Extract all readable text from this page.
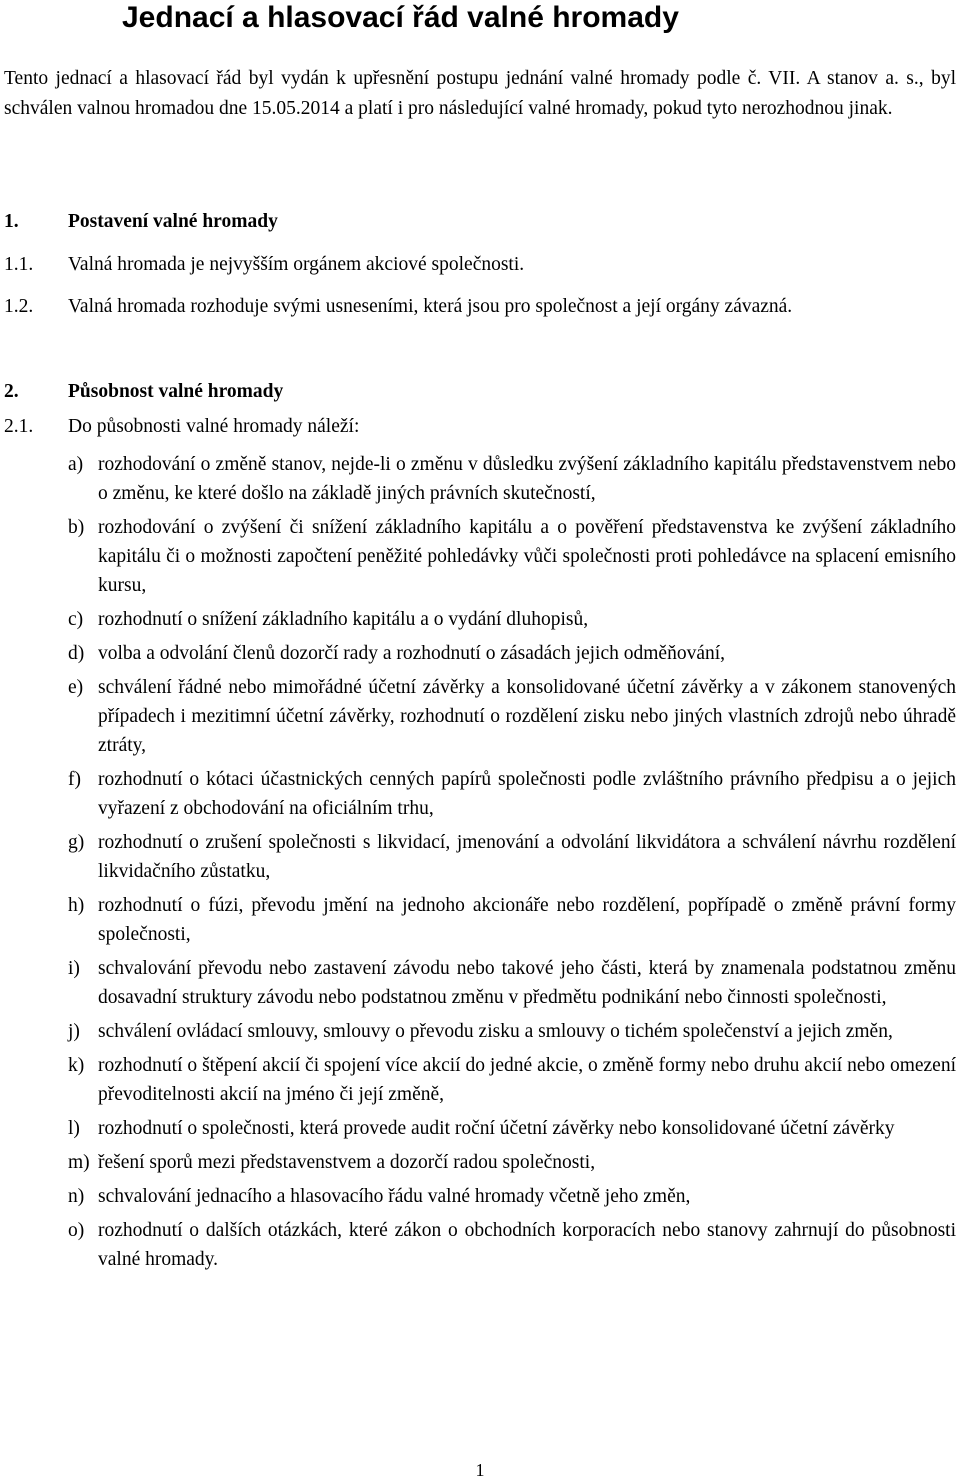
Jednací a hlasovací řád valné hromady

Tento jednací a hlasovací řád byl vydán k upřesnění postupu jednání valné hromady podle č. VII. A stanov a. s., byl schválen valnou hromadou dne 15.05.2014 a platí i pro následující valné hromady, pokud tyto nerozhodnou jinak.

1.	Postavení valné hromady
1.1. Valná hromada je nejvyšším orgánem akciové společnosti.
1.2. Valná hromada rozhoduje svými usneseními, která jsou pro společnost a její orgány závazná.
2.	Působnost valné hromady
2.1. Do působnosti valné hromady náleží:
a) rozhodování o změně stanov, nejde-li o změnu v důsledku zvýšení základního kapitálu představenstvem nebo o změnu, ke které došlo na základě jiných právních skutečností,
b) rozhodování o zvýšení či snížení základního kapitálu a o pověření představenstva ke zvýšení základního kapitálu či o možnosti započtení peněžité pohledávky vůči společnosti proti pohledávce na splacení emisního kursu,
c) rozhodnutí o snížení základního kapitálu a o vydání dluhopisů,
d) volba a odvolání členů dozorčí rady a rozhodnutí o zásadách jejich odměňování,
e) schválení řádné nebo mimořádné účetní závěrky a konsolidované účetní závěrky a v zákonem stanovených případech i mezitimní účetní závěrky, rozhodnutí o rozdělení zisku nebo jiných vlastních zdrojů nebo úhradě ztráty,
f) rozhodnutí o kótaci účastnických cenných papírů společnosti podle zvláštního právního předpisu a o jejich vyřazení z obchodování na oficiálním trhu,
g) rozhodnutí o zrušení společnosti s likvidací, jmenování a odvolání likvidátora a schválení návrhu rozdělení likvidačního zůstatku,
h) rozhodnutí o fúzi, převodu jmění na jednoho akcionáře nebo rozdělení, popřípadě o změně právní formy společnosti,
i) schvalování převodu nebo zastavení závodu nebo takové jeho části, která by znamenala podstatnou změnu dosavadní struktury závodu nebo podstatnou změnu v předmětu podnikání nebo činnosti společnosti,
j) schválení ovládací smlouvy, smlouvy o převodu zisku a smlouvy o tichém společenství a jejich změn,
k) rozhodnutí o štěpení akcií či spojení více akcií do jedné akcie, o změně formy nebo druhu akcií nebo omezení převoditelnosti akcií na jméno či její změně,
l) rozhodnutí o společnosti, která provede audit roční účetní závěrky nebo konsolidované účetní závěrky
m) řešení sporů mezi představenstvem a dozorčí radou společnosti,
n) schvalování jednacího a hlasovacího řádu valné hromady včetně jeho změn,
o) rozhodnutí o dalších otázkách, které zákon o obchodních korporacích nebo stanovy zahrnují do působnosti valné hromady.
1
